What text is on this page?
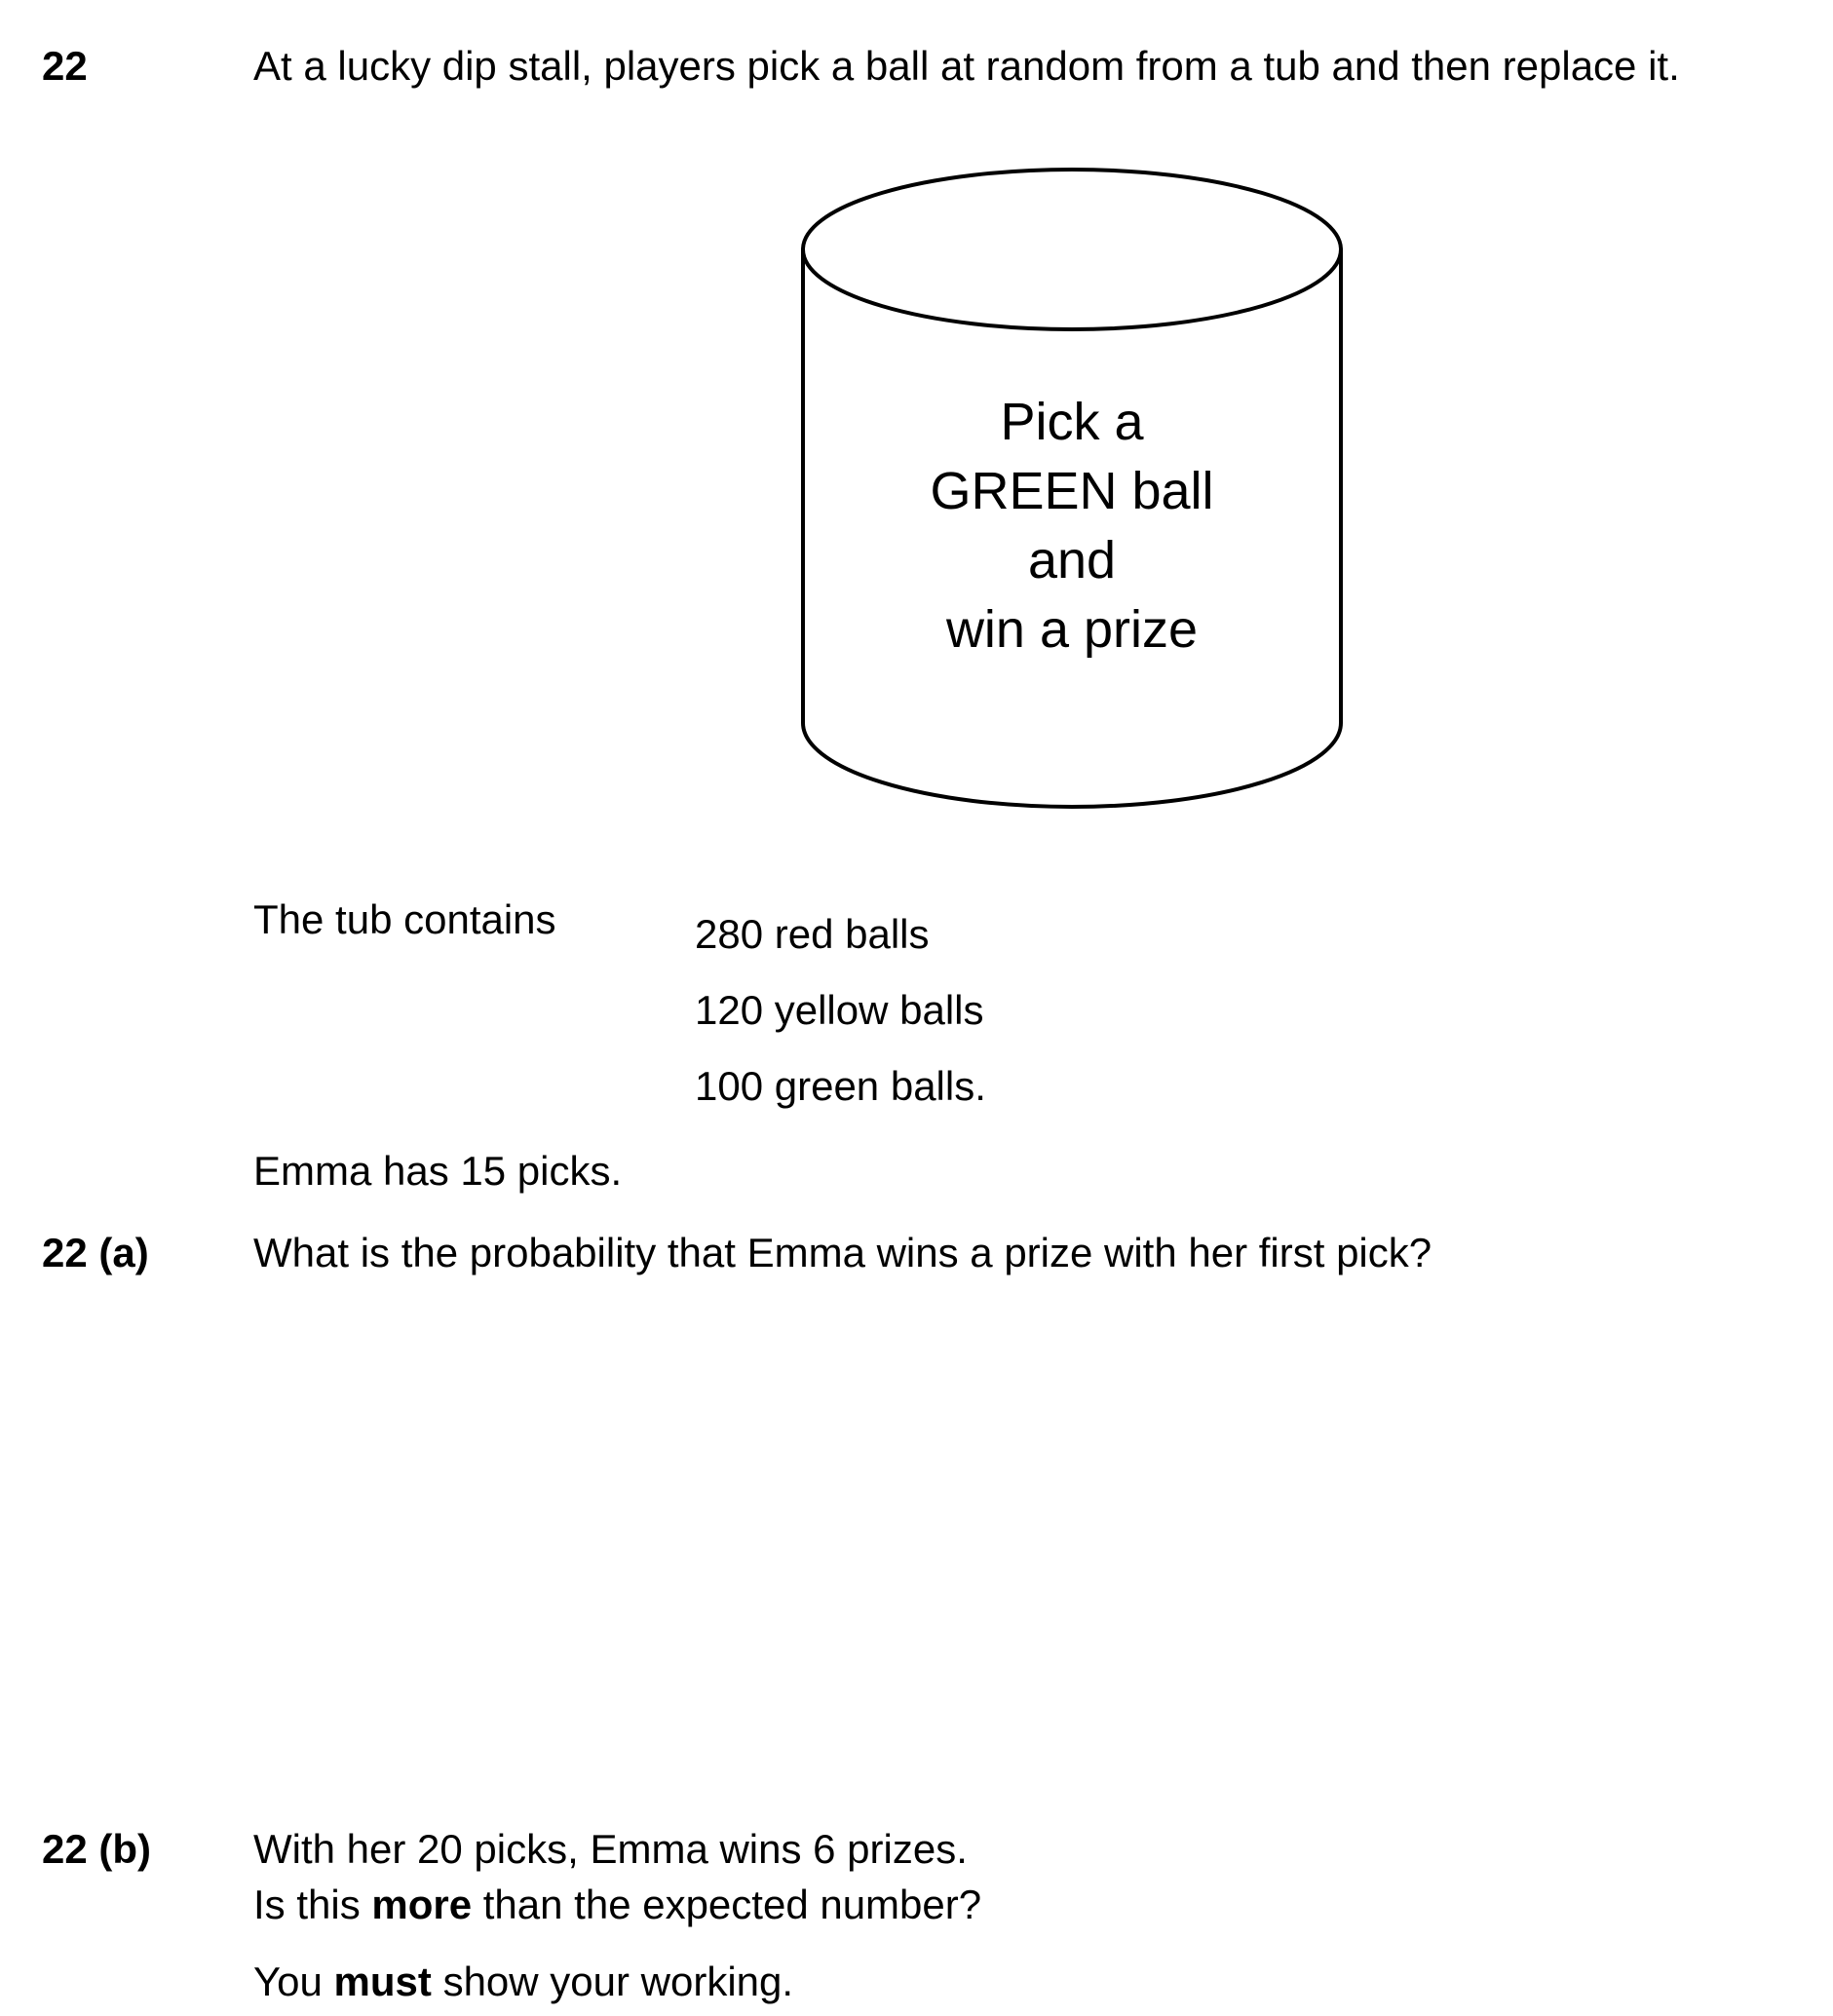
22	At a lucky dip stall, players pick a ball at random from a tub and then replace it.
Pick a
GREEN ball
and
win a prize
The tub contains	280 red balls
120 yellow balls
100 green balls.
Emma has 15 picks.
22 (a)	What is the probability that Emma wins a prize with her first pick?
22 (b) With her 20 picks, Emma wins 6 prizes.
Is this more than the expected number?
You must show your working.
